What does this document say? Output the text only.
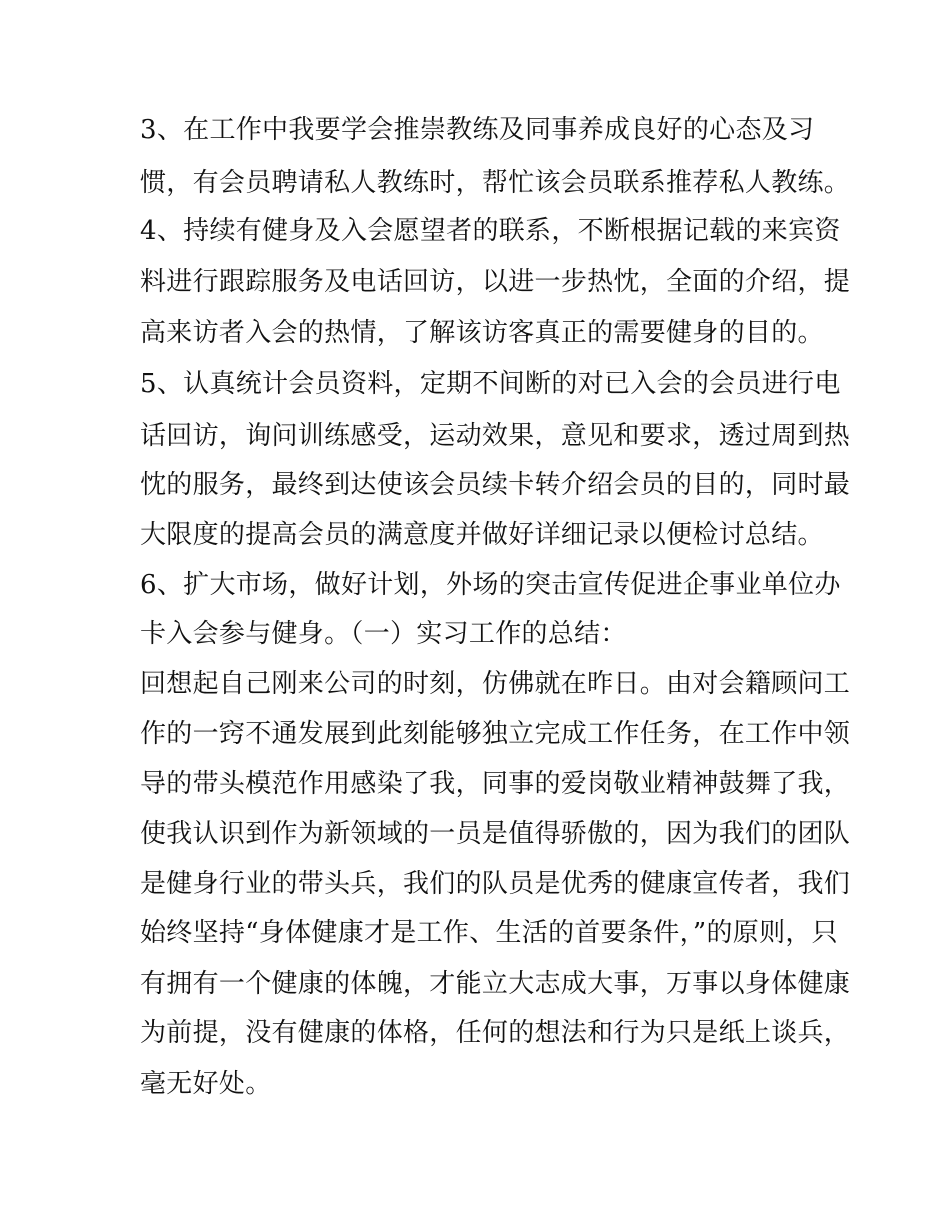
3、在工作中我要学会推崇教练及同事养成良好的心态及习
惯，有会员聘请私人教练时，帮忙该会员联系推荐私人教练。
4、持续有健身及入会愿望者的联系，不断根据记载的来宾资
料进行跟踪服务及电话回访，以进一步热忱，全面的介绍，提
高来访者入会的热情，了解该访客真正的需要健身的目的。
5、认真统计会员资料，定期不间断的对已入会的会员进行电
话回访，询问训练感受，运动效果，意见和要求，透过周到热
忱的服务，最终到达使该会员续卡转介绍会员的目的，同时最
大限度的提高会员的满意度并做好详细记录以便检讨总结。
6、扩大市场，做好计划，外场的突击宣传促进企事业单位办
卡入会参与健身。（一）实习工作的总结：
回想起自己刚来公司的时刻，仿佛就在昨日。由对会籍顾问工
作的一窍不通发展到此刻能够独立完成工作任务，在工作中领
导的带头模范作用感染了我，同事的爱岗敬业精神鼓舞了我，
使我认识到作为新领域的一员是值得骄傲的，因为我们的团队
是健身行业的带头兵，我们的队员是优秀的健康宣传者，我们
始终坚持“身体健康才是工作、生活的首要条件，”的原则，只
有拥有一个健康的体魄，才能立大志成大事，万事以身体健康
为前提，没有健康的体格，任何的想法和行为只是纸上谈兵，
毫无好处。
